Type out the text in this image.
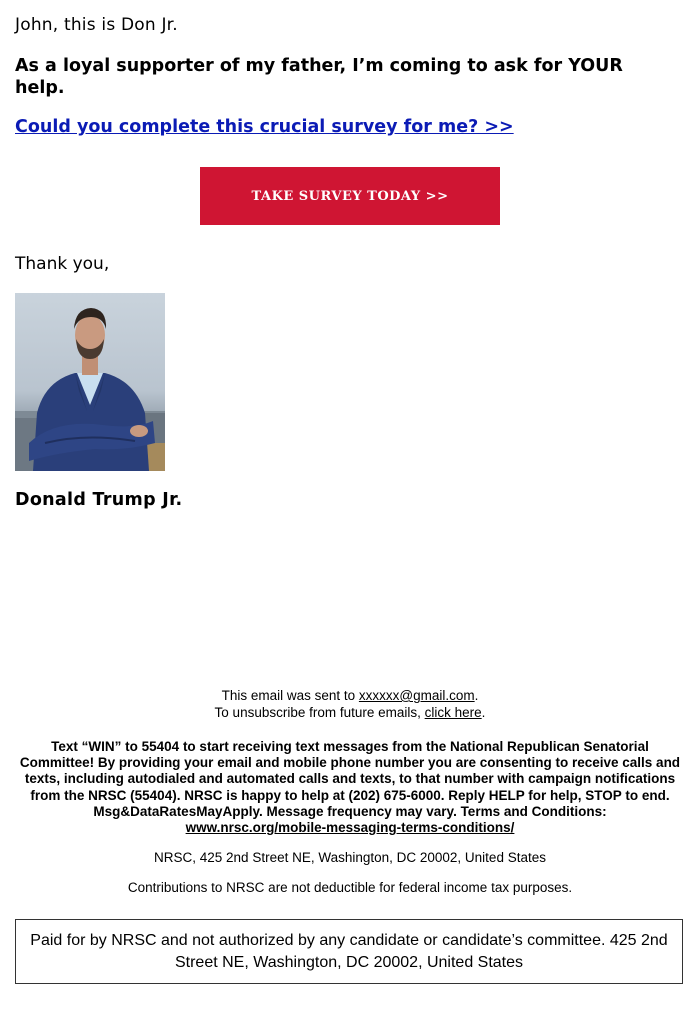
John, this is Don Jr.
As a loyal supporter of my father, I’m coming to ask for YOUR help.
Could you complete this crucial survey for me? >>
TAKE SURVEY TODAY >>
Thank you,
Donald Trump Jr.
This email was sent to xxxxxx@gmail.com.
To unsubscribe from future emails, click here.
Text “WIN” to 55404 to start receiving text messages from the National Republican Senatorial Committee! By providing your email and mobile phone number you are consenting to receive calls and texts, including autodialed and automated calls and texts, to that number with campaign notifications from the NRSC (55404). NRSC is happy to help at (202) 675-6000. Reply HELP for help, STOP to end. Msg&DataRatesMayApply. Message frequency may vary. Terms and Conditions:
www.nrsc.org/mobile-messaging-terms-conditions/
NRSC, 425 2nd Street NE, Washington, DC 20002, United States
Contributions to NRSC are not deductible for federal income tax purposes.
Paid for by NRSC and not authorized by any candidate or candidate’s committee. 425 2nd Street NE, Washington, DC 20002, United States
